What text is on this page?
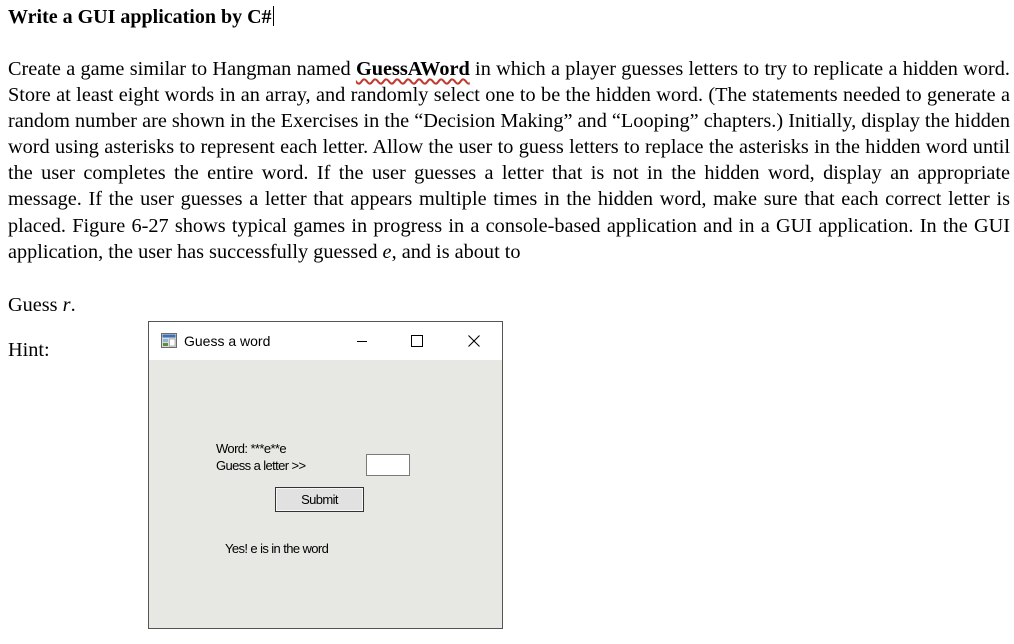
Write a GUI application by C#
Create a game similar to Hangman named GuessAWord in which a player guesses letters to try to replicate a hidden word. Store at least eight words in an array, and randomly select one to be the hidden word. (The statements needed to generate a random number are shown in the Exercises in the “Decision Making” and “Looping” chapters.) Initially, display the hidden word using asterisks to represent each letter. Allow the user to guess letters to replace the asterisks in the hidden word until the user completes the entire word. If the user guesses a letter that is not in the hidden word, display an appropriate message. If the user guesses a letter that appears multiple times in the hidden word, make sure that each correct letter is placed. Figure 6-27 shows typical games in progress in a console-based application and in a GUI application. In the GUI application, the user has successfully guessed e, and is about to
Guess r.
Hint:	Guess a word
Word: ***e**e
Guess a letter >>
Submit
Yes! e is in the word
